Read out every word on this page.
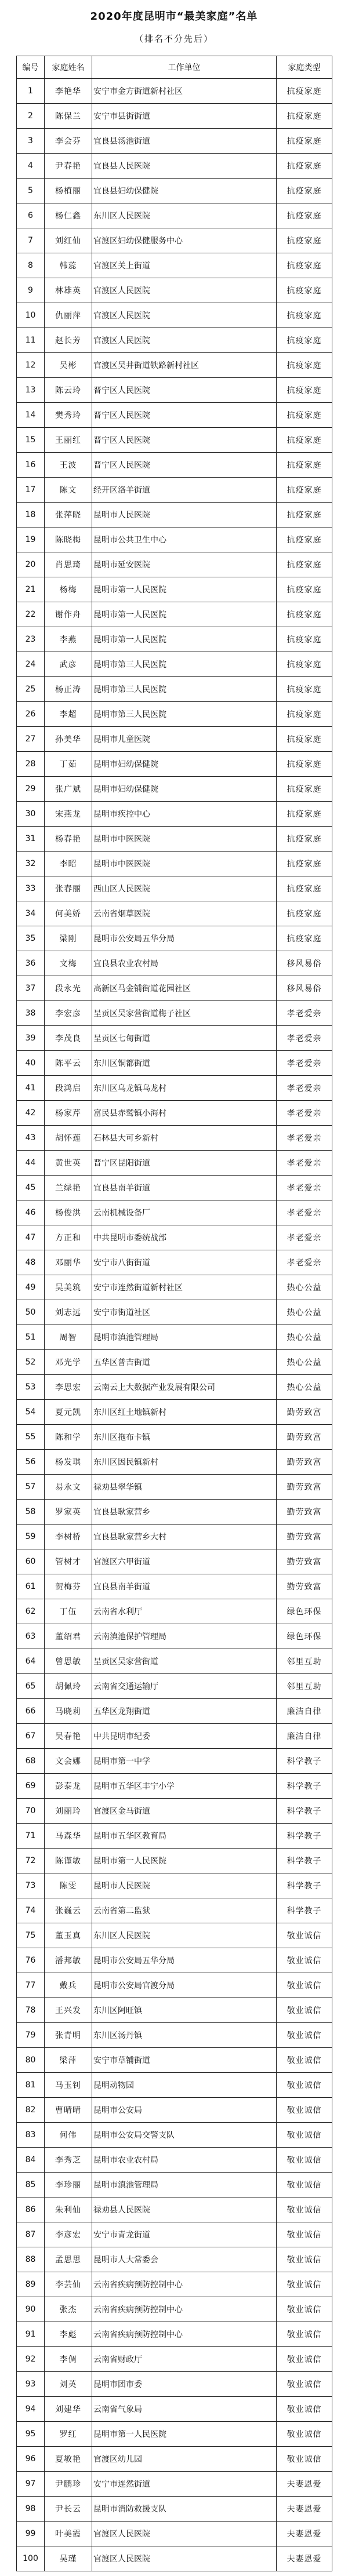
2020年度昆明市“最美家庭”名单
（排名不分先后）
编号	家庭姓名	工作单位	家庭类型
1	李艳华	安宁市金方街道新村社区	抗疫家庭
2	陈保兰	安宁市县街街道	抗疫家庭
3	李会芬	宜良县汤池街道	抗疫家庭
4	尹春艳	宜良县人民医院	抗疫家庭
5	杨植丽	宜良县妇幼保健院	抗疫家庭
6	杨仁鑫	东川区人民医院	抗疫家庭
7	刘红仙	官渡区妇幼保健服务中心	抗疫家庭
8	韩蕊	官渡区关上街道	抗疫家庭
9	林雄英	官渡区人民医院	抗疫家庭
10	仇丽萍	官渡区人民医院	抗疫家庭
11	赵长芳	官渡区人民医院	抗疫家庭
12	吴彬	官渡区吴井街道铁路新村社区	抗疫家庭
13	陈云玲	晋宁区人民医院	抗疫家庭
14	樊秀玲	晋宁区人民医院	抗疫家庭
15	王丽红	晋宁区人民医院	抗疫家庭
16	王波	晋宁区人民医院	抗疫家庭
17	陈文	经开区洛羊街道	抗疫家庭
18	张萍晓	昆明市人民医院	抗疫家庭
19	陈晓梅	昆明市公共卫生中心	抗疫家庭
20	肖思琦	昆明市延安医院	抗疫家庭
21	杨梅	昆明市第一人民医院	抗疫家庭
22	谢作舟	昆明市第一人民医院	抗疫家庭
23	李燕	昆明市第一人民医院	抗疫家庭
24	武彦	昆明市第三人民医院	抗疫家庭
25	杨正涛	昆明市第三人民医院	抗疫家庭
26	李超	昆明市第三人民医院	抗疫家庭
27	孙美华	昆明市儿童医院	抗疫家庭
28	丁茹	昆明市妇幼保健院	抗疫家庭
29	张广斌	昆明市妇幼保健院	抗疫家庭
30	宋燕龙	昆明市疾控中心	抗疫家庭
31	杨春艳	昆明市中医医院	抗疫家庭
32	李昭	昆明市中医医院	抗疫家庭
33	张春丽	西山区人民医院	抗疫家庭
34	何美娇	云南省烟草医院	抗疫家庭
35	梁刚	昆明市公安局五华分局	抗疫家庭
36	文梅	宜良县农业农村局	移风易俗
37	段永光	高新区马金铺街道花园社区	移风易俗
38	李宏彦	呈贡区吴家营街道梅子社区	孝老爱亲
39	李茂良	呈贡区七甸街道	孝老爱亲
40	陈平云	东川区铜都街道	孝老爱亲
41	段鸿启	东川区乌龙镇乌龙村	孝老爱亲
42	杨家芹	富民县赤鹫镇小海村	孝老爱亲
43	胡怀莲	石林县大可乡新村	孝老爱亲
44	黄世英	晋宁区昆阳街道	孝老爱亲
45	兰绿艳	宜良县南羊街道	孝老爱亲
46	杨俊洪	云南机械设备厂	孝老爱亲
47	方正和	中共昆明市委统战部	孝老爱亲
48	邓丽华	安宁市八街街道	孝老爱亲
49	吴美筑	安宁市连然街道新村社区	热心公益
50	刘志远	安宁市街道社区	热心公益
51	周智	昆明市滇池管理局	热心公益
52	邓光学	五华区普吉街道	热心公益
53	李思宏	云南云上大数据产业发展有限公司	热心公益
54	夏元凯	东川区红土地镇新村	勤劳致富
55	陈和学	东川区拖布卡镇	勤劳致富
56	杨发琪	东川区因民镇新村	勤劳致富
57	易永文	禄劝县翠华镇	勤劳致富
58	罗家英	宜良县耿家营乡	勤劳致富
59	李树桥	宜良县耿家营乡大村	勤劳致富
60	管树才	官渡区六甲街道	勤劳致富
61	贺梅芬	宜良县南羊街道	勤劳致富
62	丁伍	云南省水利厅	绿色环保
63	董绍君	云南滇池保护管理局	绿色环保
64	曾思敏	呈贡区吴家营街道	邻里互助
65	胡佩玲	云南省交通运输厅	邻里互助
66	马晓莉	五华区龙翔街道	廉洁自律
67	吴春艳	中共昆明市纪委	廉洁自律
68	文会娜	昆明市第一中学	科学教子
69	彭泰龙	昆明市五华区丰宁小学	科学教子
70	刘丽玲	官渡区金马街道	科学教子
71	马森华	昆明市五华区教育局	科学教子
72	陈谨敏	昆明市第一人民医院	科学教子
73	陈雯	昆明市人民医院	科学教子
74	张巍云	云南省第二监狱	科学教子
75	董玉真	东川区人民医院	敬业诚信
76	潘邦敏	昆明市公安局五华分局	敬业诚信
77	戴兵	昆明市公安局官渡分局	敬业诚信
78	王兴发	东川区阿旺镇	敬业诚信
79	张青明	东川区汤丹镇	敬业诚信
80	梁萍	安宁市草铺街道	敬业诚信
81	马玉钊	昆明动物园	敬业诚信
82	曹晴晴	昆明市公安局	敬业诚信
83	何伟	昆明市公安局交警支队	敬业诚信
84	李秀芝	昆明市农业农村局	敬业诚信
85	李珍丽	昆明市滇池管理局	敬业诚信
86	朱利仙	禄劝县人民医院	敬业诚信
87	李彦宏	安宁市青龙街道	敬业诚信
88	孟思思	昆明市人大常委会	敬业诚信
89	李芸仙	云南省疾病预防控制中心	敬业诚信
90	张杰	云南省疾病预防控制中心	敬业诚信
91	李彪	云南省疾病预防控制中心	敬业诚信
92	李倜	云南省财政厅	敬业诚信
93	刘英	昆明市团市委	敬业诚信
94	刘建华	云南省气象局	敬业诚信
95	罗红	昆明市第一人民医院	敬业诚信
96	夏敏艳	官渡区幼儿园	敬业诚信
97	尹鹏珍	安宁市连然街道	夫妻恩爱
98	尹长云	昆明市消防救援支队	夫妻恩爱
99	叶美霞	官渡区人民医院	夫妻恩爱
100	吴瑾	官渡区人民医院	夫妻恩爱
